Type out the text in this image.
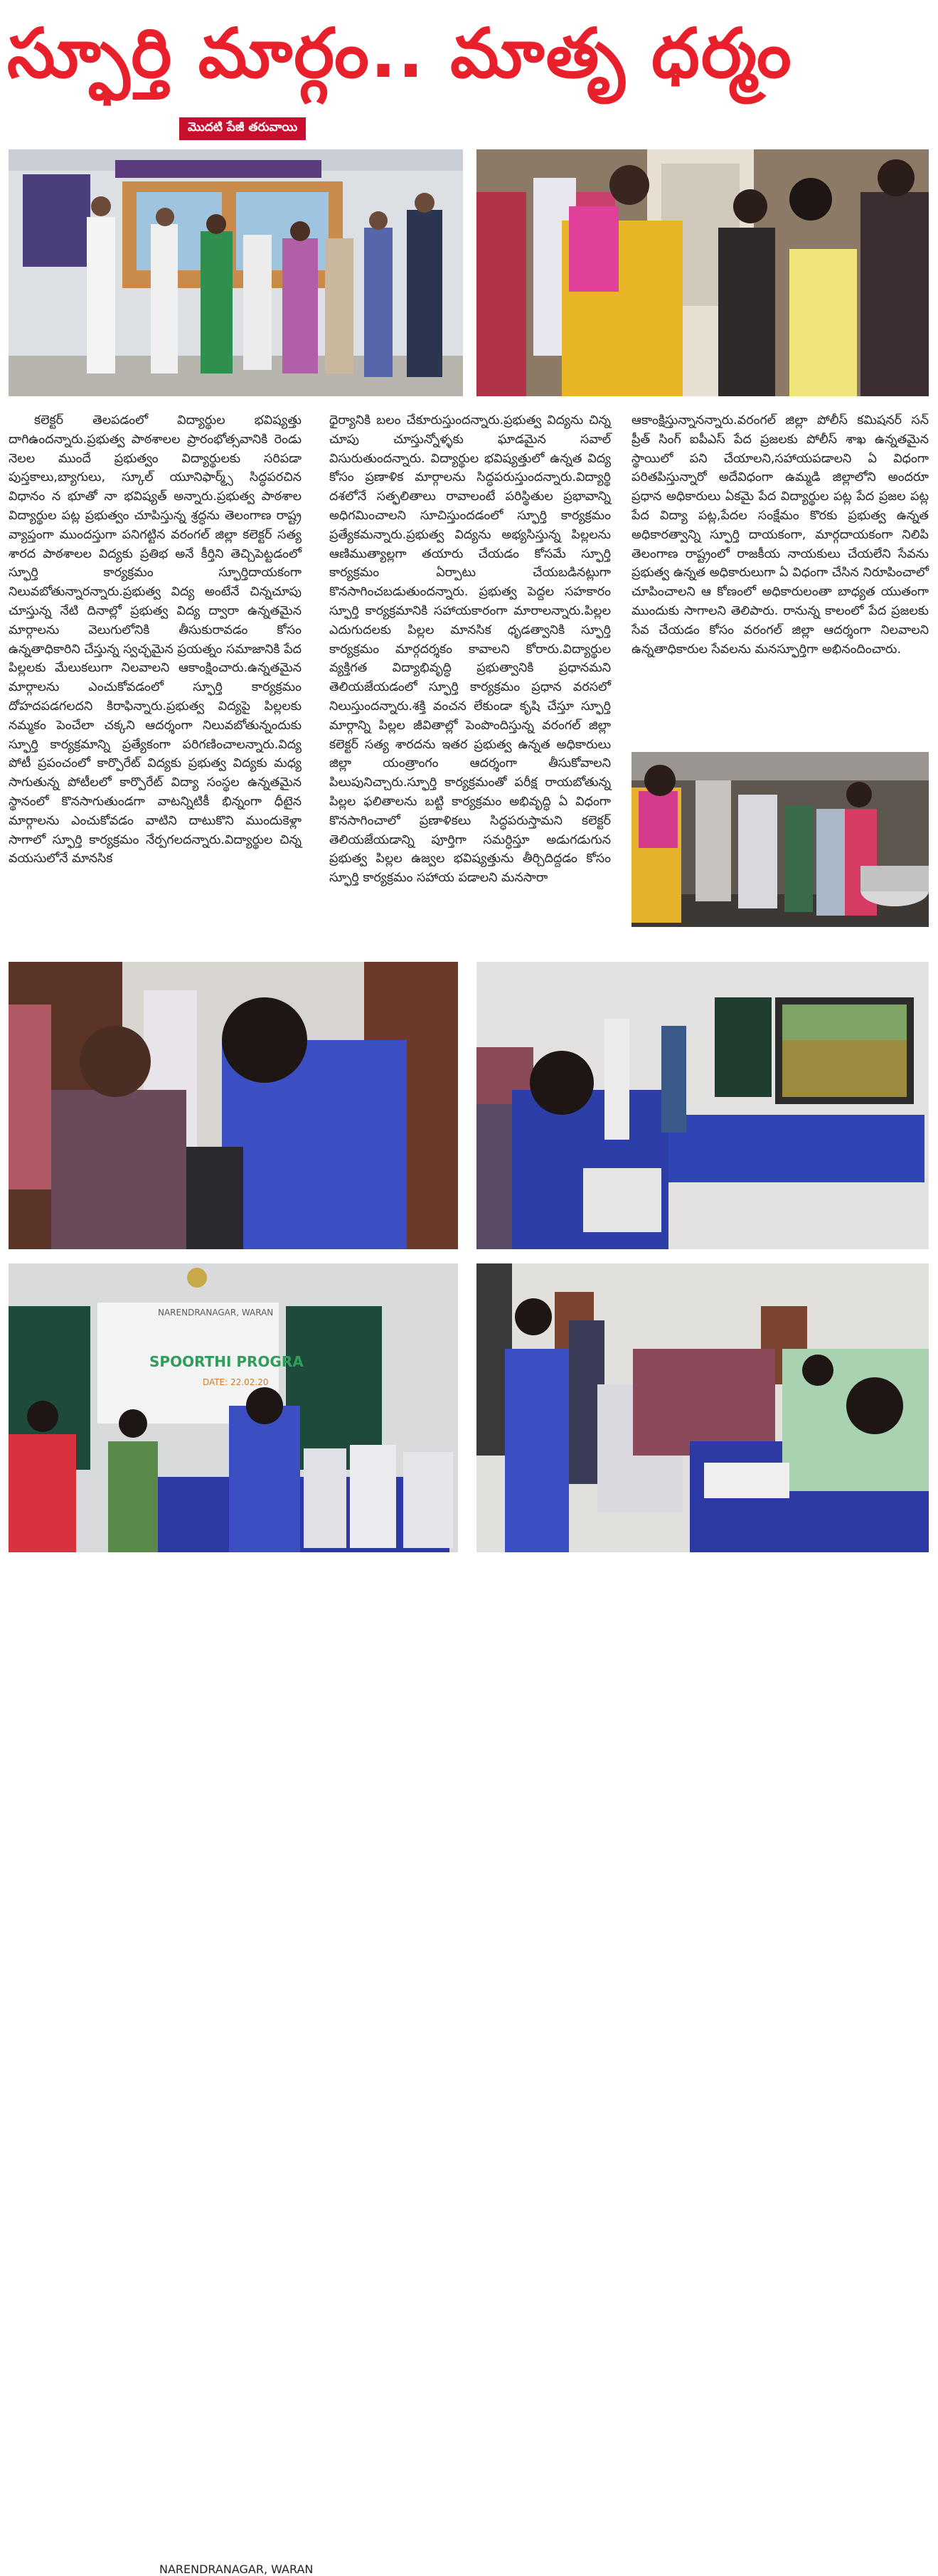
స్ఫూర్తి మార్గం.. మాతృ ధర్మం
మొదటి పేజీ తరువాయి
కలెక్టర్ తెలపడంలో విద్యార్థుల భవిష్యత్తు దాగిఉందన్నారు.ప్రభుత్వ పాఠశాలల ప్రారంభోత్సవానికి రెండు నెలల ముందే ప్రభుత్వం విద్యార్థులకు సరిపడా పుస్తకాలు,బ్యాగులు, స్కూల్ యూనిఫార్మ్స్ సిద్ధపరచిన విధానం న భూతో నా భవిష్యత్ అన్నారు.ప్రభుత్వ పాఠశాల విద్యార్థుల పట్ల ప్రభుత్వం చూపిస్తున్న శ్రద్ధను తెలంగాణ రాష్ట్ర వ్యాప్తంగా ముందస్తుగా పనిగట్టిన వరంగల్ జిల్లా కలెక్టర్ సత్య శారద పాఠశాలల విద్యకు ప్రతిభ అనే కీర్తిని తెచ్చిపెట్టడంలో స్ఫూర్తి కార్యక్రమం స్ఫూర్తిదాయకంగా నిలువబోతున్నారన్నారు.ప్రభుత్వ విద్య అంటేనే చిన్నచూపు చూస్తున్న నేటి దినాల్లో ప్రభుత్వ విద్య ద్వారా ఉన్నతమైన మార్గాలను వెలుగులోనికి తీసుకురావడం కోసం ఉన్నతాధికారిని చేస్తున్న స్వచ్ఛమైన ప్రయత్నం సమాజానికి పేద పిల్లలకు మేలుకలుగా నిలవాలని ఆకాంక్షించారు.ఉన్నతమైన మార్గాలను ఎంచుకోవడంలో స్ఫూర్తి కార్యక్రమం దోహదపడగలదని కిరాఫిన్నారు.ప్రభుత్వ విద్యపై పిల్లలకు నమ్మకం పెంచేలా చక్కని ఆదర్శంగా నిలువబోతున్నందుకు స్ఫూర్తి కార్యక్రమాన్ని ప్రత్యేకంగా పరిగణించాలన్నారు.విద్య పోటీ ప్రపంచంలో కార్పొరేట్ విద్యకు ప్రభుత్వ విద్యకు మధ్య సాగుతున్న పోటీలలో కార్పొరేట్ విద్యా సంస్థల ఉన్నతమైన స్థానంలో కొనసాగుతుండగా వాటన్నిటికీ భిన్నంగా ధీటైన మార్గాలను ఎంచుకోవడం వాటిని దాటుకొని ముందుకెళ్లా సాగాలో స్ఫూర్తి కార్యక్రమం నేర్పగలదన్నారు.విద్యార్థుల చిన్న వయసులోనే మానసిక
ధైర్యానికి బలం చేకూరుస్తుందన్నారు.ప్రభుత్వ విద్యను చిన్న చూపు చూస్తున్నోళ్ళకు ఘాడమైన సవాల్ విసురుతుందన్నారు. విద్యార్థుల భవిష్యత్తులో ఉన్నత విద్య కోసం ప్రణాళిక మార్గాలను సిద్ధపరుస్తుందన్నారు.విద్యార్థి దశలోనే సత్ఫలితాలు రావాలంటే పరిస్థితుల ప్రభావాన్ని అధిగమించాలని సూచిస్తుందడంలో స్ఫూర్తి కార్యక్రమం ప్రత్యేకమన్నారు.ప్రభుత్వ విద్యను అభ్యసిస్తున్న పిల్లలను ఆణిముత్యాల్లగా తయారు చేయడం కోసమే స్ఫూర్తి కార్యక్రమం ఏర్పాటు చేయబడినట్లుగా కొనసాగించబడుతుందన్నారు. ప్రభుత్వ పెద్దల సహకారం స్ఫూర్తి కార్యక్రమానికి సహాయకారంగా మారాలన్నారు.పిల్లల ఎదుగుదలకు పిల్లల మానసిక ధృడత్వానికి స్ఫూర్తి కార్యక్రమం మార్గదర్శకం కావాలని కోరారు.విద్యార్థుల వ్యక్తిగత విద్యాభివృద్ధి ప్రభుత్వానికి ప్రధానమని తెలియజేయడంలో స్ఫూర్తి కార్యక్రమం ప్రధాన వరసలో నిలుస్తుందన్నారు.శక్తి వంచన లేకుండా కృషి చేస్తూ స్ఫూర్తి మార్గాన్ని పిల్లల జీవితాల్లో పెంపొందిస్తున్న వరంగల్ జిల్లా కలెక్టర్ సత్య శారదను ఇతర ప్రభుత్వ ఉన్నత అధికారులు జిల్లా యంత్రాంగం ఆదర్శంగా తీసుకోవాలని పిలుపునిచ్చారు.స్ఫూర్తి కార్యక్రమంతో పరీక్ష రాయబోతున్న పిల్లల ఫలితాలను బట్టి కార్యక్రమం అభివృద్ధి ఏ విధంగా కొనసాగించాలో ప్రణాళికలు సిద్ధపరుస్తామని కలెక్టర్ తెలియజేయడాన్ని పూర్తిగా సమర్ధిస్తూ అడుగడుగున ప్రభుత్వ పిల్లల ఉజ్వల భవిష్యత్తును తీర్చిదిద్దడం కోసం స్ఫూర్తి కార్యక్రమం సహాయ పడాలని మనసారా
ఆకాంక్షిస్తున్నానన్నారు.వరంగల్ జిల్లా పోలీస్ కమిషనర్ సన్ ప్రీత్ సింగ్ ఐపీఎస్ పేద ప్రజలకు పోలీస్ శాఖ ఉన్నతమైన స్థాయిలో పని చేయాలని,సహాయపడాలని ఏ విధంగా పరితపిస్తున్నారో అదేవిధంగా ఉమ్మడి జిల్లాలోని అందరూ ప్రధాన అధికారులు ఏకమై పేద విద్యార్థుల పట్ల పేద ప్రజల పట్ల పేద విద్యా పట్ల,పేదల సంక్షేమం కొరకు ప్రభుత్వ ఉన్నత అధికారత్వాన్ని స్ఫూర్తి దాయకంగా, మార్గదాయకంగా నిలిపి తెలంగాణ రాష్ట్రంలో రాజకీయ నాయకులు చేయలేని సేవను ప్రభుత్వ ఉన్నత అధికారులుగా ఏ విధంగా చేసిన నిరూపించాలో చూపించాలని ఆ కోణంలో అధికారులంతా బాధ్యత యుతంగా ముందుకు సాగాలని తెలిపారు. రానున్న కాలంలో పేద ప్రజలకు సేవ చేయడం కోసం వరంగల్ జిల్లా ఆదర్శంగా నిలవాలని ఉన్నతాధికారుల సేవలను మనస్ఫూర్తిగా అభినందించారు.
NARENDRANAGAR, WARAN
NARENDRANAGAR, WARAN
SPOORTHI PROGRA
DATE: 22.02.20
